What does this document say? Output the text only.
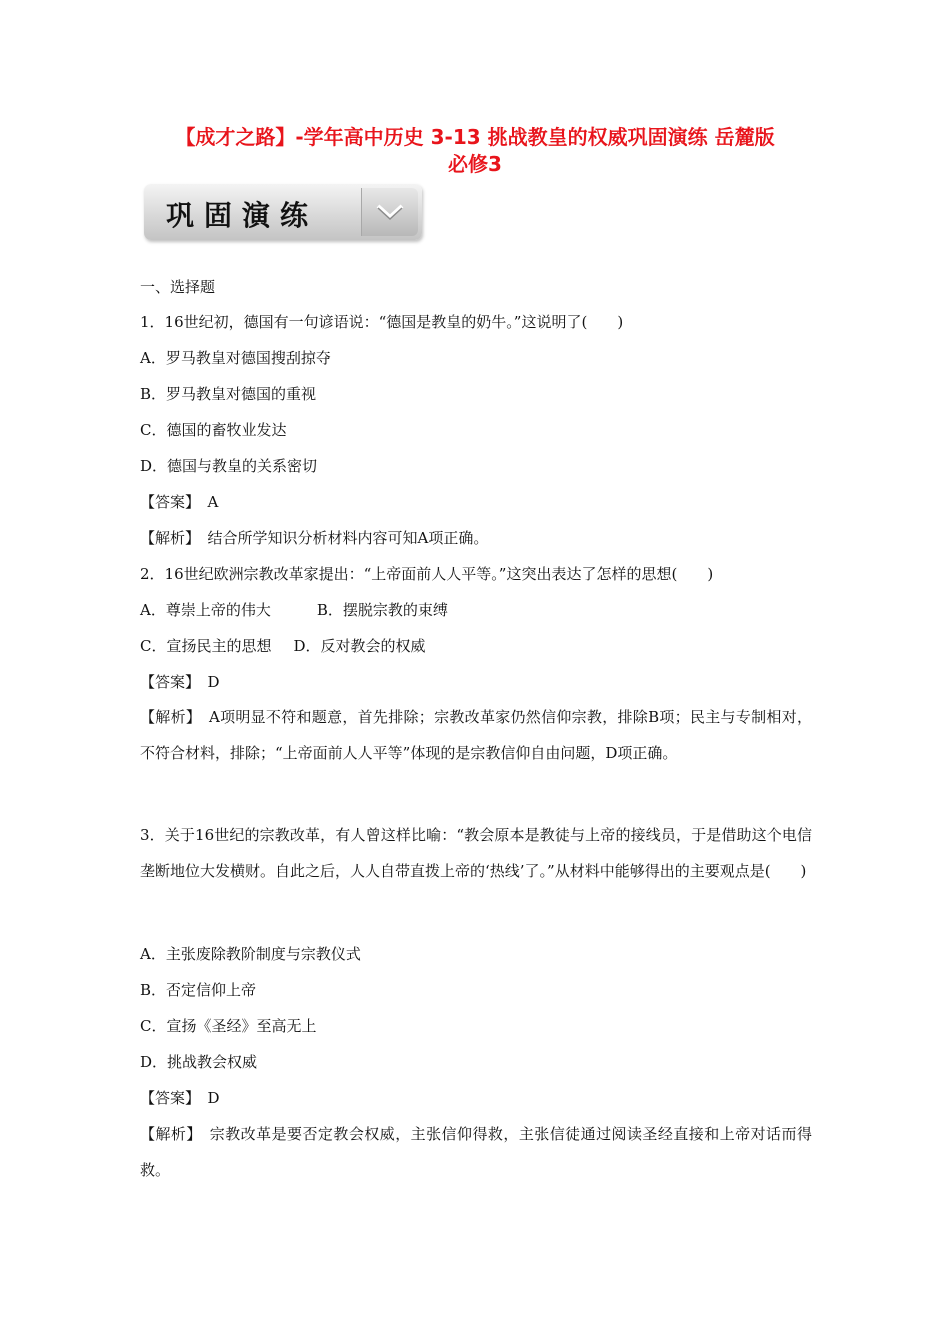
【成才之路】-学年高中历史 3-13 挑战教皇的权威巩固演练 岳麓版
必修3
巩固演练
一、选择题
1．16世纪初，德国有一句谚语说：“德国是教皇的奶牛。”这说明了(　　)
A．罗马教皇对德国搜刮掠夺
B．罗马教皇对德国的重视
C．德国的畜牧业发达
D．德国与教皇的关系密切
【答案】　 A
【解析】　 结合所学知识分析材料内容可知A项正确。
2．16世纪欧洲宗教改革家提出：“上帝面前人人平等。”这突出表达了怎样的思想(　　)
A．尊崇上帝的伟大	B．摆脱宗教的束缚
C．宣扬民主的思想 D．反对教会的权威
【答案】　 D
【解析】　 A项明显不符和题意，首先排除；宗教改革家仍然信仰宗教，排除B项；民主与专制相对，不符合材料，排除；“上帝面前人人平等”体现的是宗教信仰自由问题，D项正确。
3．关于16世纪的宗教改革，有人曾这样比喻：“教会原本是教徒与上帝的接线员，于是借助这个电信垄断地位大发横财。自此之后，人人自带直拨上帝的‘热线’了。”从材料中能够得出的主要观点是(　　)
A．主张废除教阶制度与宗教仪式
B．否定信仰上帝
C．宣扬《圣经》至高无上
D．挑战教会权威
【答案】　 D
【解析】　 宗教改革是要否定教会权威，主张信仰得救，主张信徒通过阅读圣经直接和上帝对话而得救。
